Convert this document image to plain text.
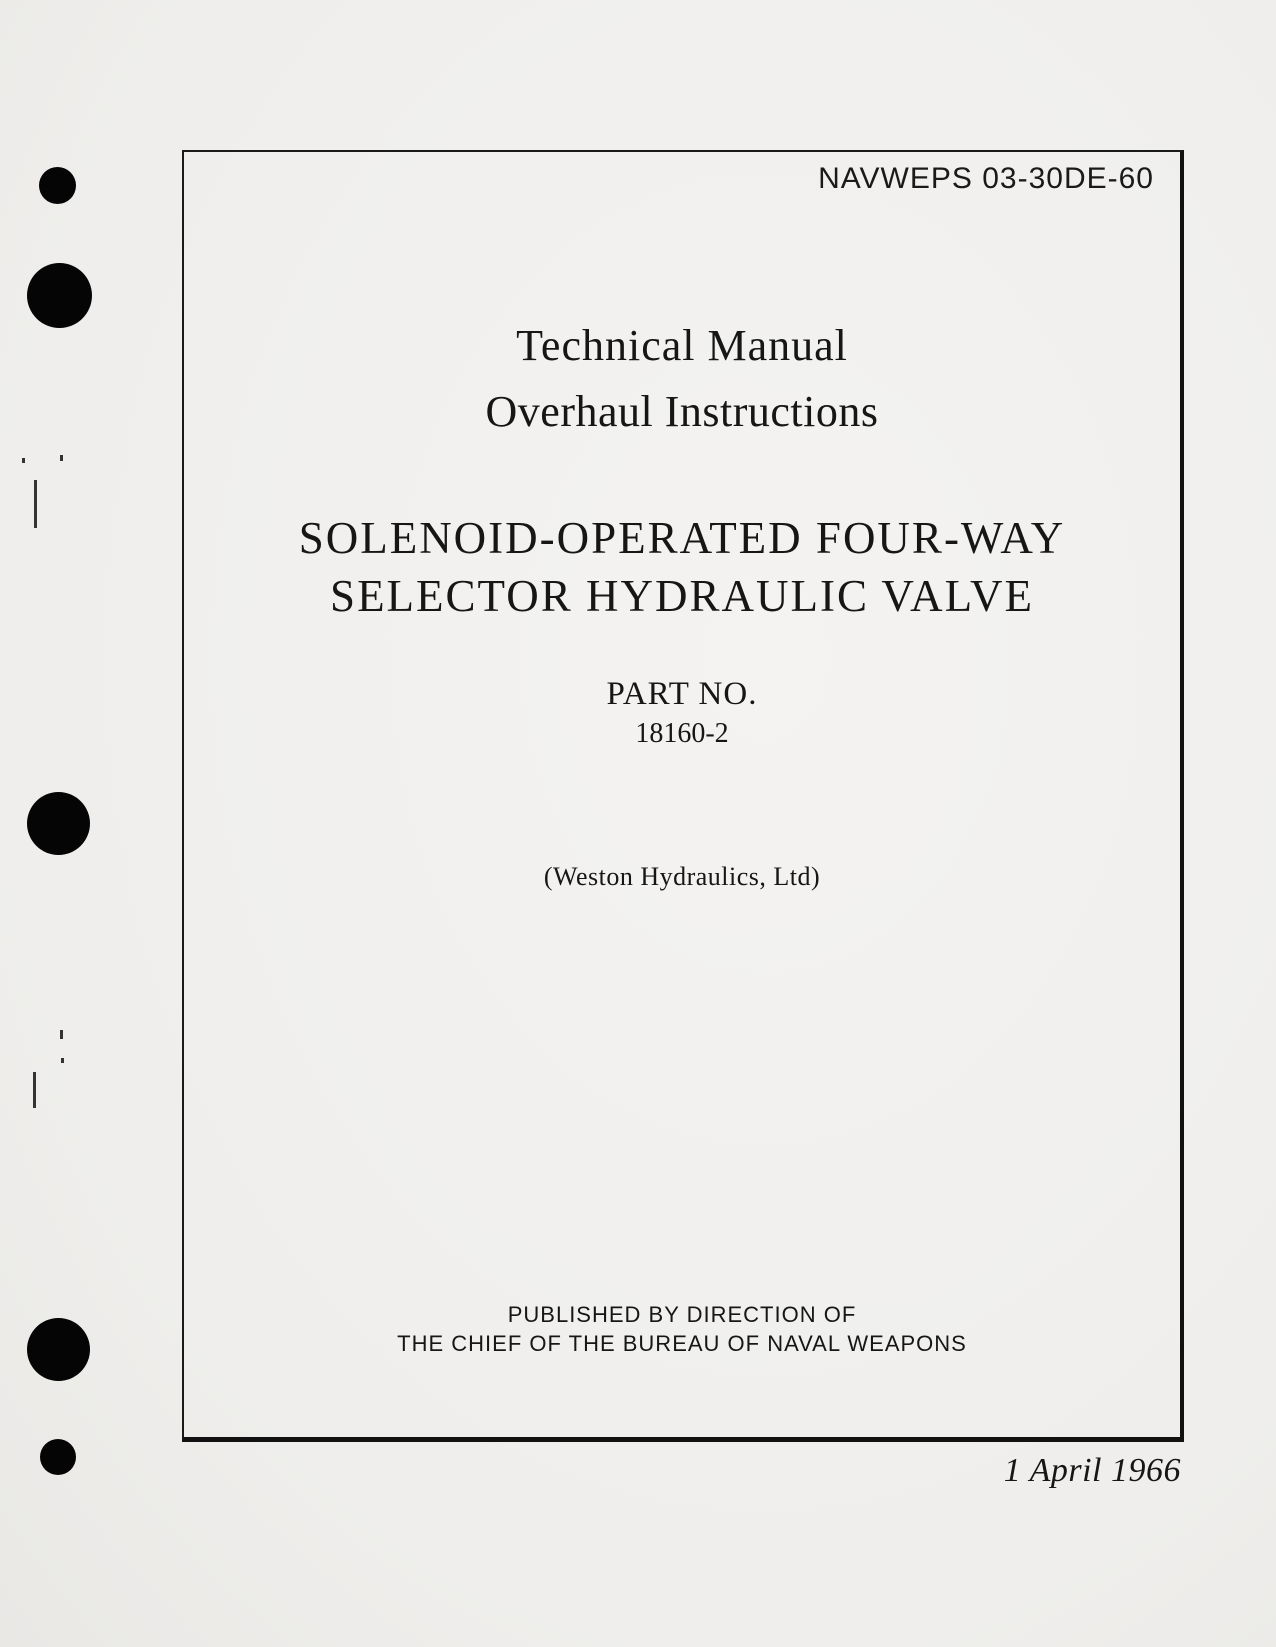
NAVWEPS 03-30DE-60
Technical Manual
Overhaul Instructions
SOLENOID-OPERATED FOUR-WAY
SELECTOR HYDRAULIC VALVE
PART NO.
18160-2
(Weston Hydraulics, Ltd)
PUBLISHED BY DIRECTION OF
THE CHIEF OF THE BUREAU OF NAVAL WEAPONS
1 April 1966
